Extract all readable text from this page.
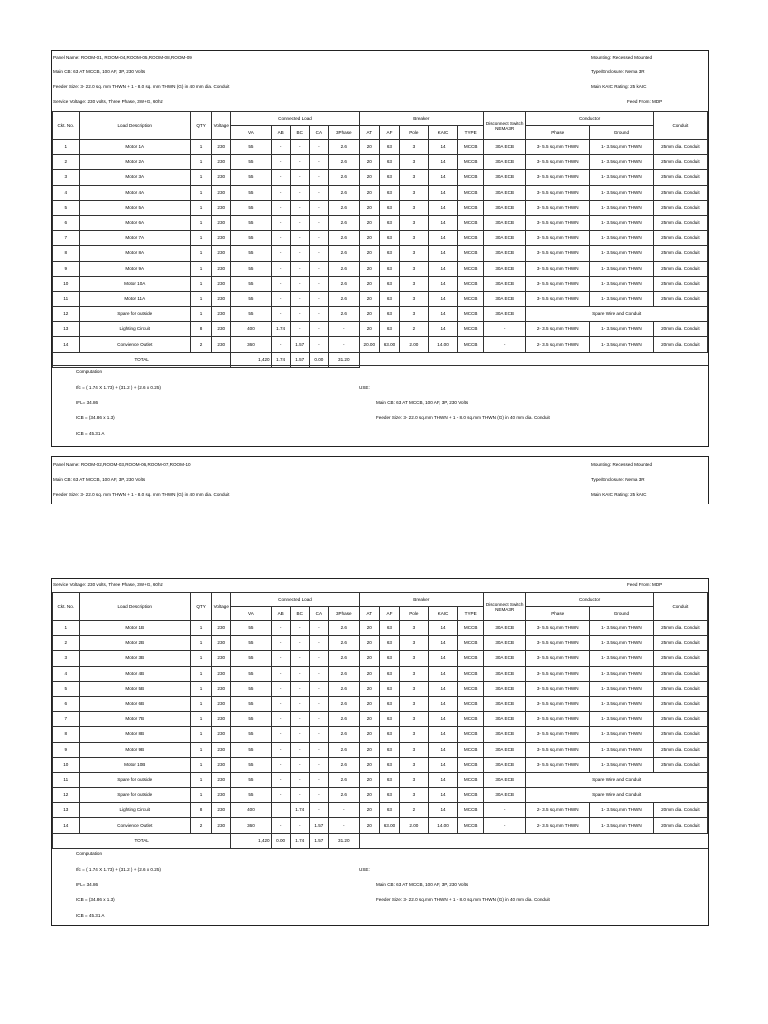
Panel Name: ROOM-01, ROOM-04,ROOM-05,ROOM-08,ROOM-09	Mounting: Recessed Mounted
Main CB: 63 AT MCCB, 100 AF, 3P, 230 Volts	Type/Enclosure: Nema 3R
Feeder Size: 3- 22.0 sq. mm THWN + 1 - 8.0 sq. mm THWN (G) in 40 mm dia. Conduit	Main KAIC Rating: 25 kAIC
Service Voltage: 230 volts, Three Phase, 3W+G, 60hz	Feed From: MDP
Ckt. No.	Load Description	QTY	Voltage	Connected Load					Breaker					Disconnect Switch NEMA3R	Conductor		Conduit
				VA	AB	BC	CA	3Phase	AT	AF	Pole	KAIC	TYPE		Phase	Ground	
1	Motor 1A	1	230	55	-	-	-	2.6	20	63	3	14	MCCB	30A ECB	3- 5.5 sq.mm THWN	1- 3.5sq.mm THWN	25mm dia. Conduit
2	Motor 2A	1	230	55	-	-	-	2.6	20	63	3	14	MCCB	30A ECB	3- 5.5 sq.mm THWN	1- 3.5sq.mm THWN	25mm dia. Conduit
3	Motor 3A	1	230	55	-	-	-	2.6	20	63	3	14	MCCB	30A ECB	3- 5.5 sq.mm THWN	1- 3.5sq.mm THWN	25mm dia. Conduit
4	Motor 4A	1	230	55	-	-	-	2.6	20	63	3	14	MCCB	30A ECB	3- 5.5 sq.mm THWN	1- 3.5sq.mm THWN	25mm dia. Conduit
5	Motor 5A	1	230	55	-	-	-	2.6	20	63	3	14	MCCB	30A ECB	3- 5.5 sq.mm THWN	1- 3.5sq.mm THWN	25mm dia. Conduit
6	Motor 6A	1	230	55	-	-	-	2.6	20	63	3	14	MCCB	30A ECB	3- 5.5 sq.mm THWN	1- 3.5sq.mm THWN	25mm dia. Conduit
7	Motor 7A	1	230	55	-	-	-	2.6	20	63	3	14	MCCB	30A ECB	3- 5.5 sq.mm THWN	1- 3.5sq.mm THWN	25mm dia. Conduit
8	Motor 8A	1	230	55	-	-	-	2.6	20	63	3	14	MCCB	30A ECB	3- 5.5 sq.mm THWN	1- 3.5sq.mm THWN	25mm dia. Conduit
9	Motor 9A	1	230	55	-	-	-	2.6	20	63	3	14	MCCB	30A ECB	3- 5.5 sq.mm THWN	1- 3.5sq.mm THWN	25mm dia. Conduit
10	Motor 10A	1	230	55	-	-	-	2.6	20	63	3	14	MCCB	30A ECB	3- 5.5 sq.mm THWN	1- 3.5sq.mm THWN	25mm dia. Conduit
11	Motor 11A	1	230	55	-	-	-	2.6	20	63	3	14	MCCB	30A ECB	3- 5.5 sq.mm THWN	1- 3.5sq.mm THWN	25mm dia. Conduit
12	Spare for outside	1	230	55	-	-	-	2.6	20	63	3	14	MCCB	30A ECB	Spare Wire and Conduit		
13	Lighting Circuit	8	230	400	1.74	-	-	-	20	63	2	14	MCCB	-	2- 3.5 sq.mm THWN	1- 3.5sq.mm THWN	20mm dia. Conduit
14	Convience Outlet	2	230	360	-	1.57	-	-	20.00	63.00	2.00	14.00	MCCB	-	2- 3.5 sq.mm THWN	1- 3.5sq.mm THWN	20mm dia. Conduit
TOTAL				1,420	1.74	1.57	0.00	31.20									
Computation
Ifc = ( 1.74 X 1.73) + (31.2 ) + (2.6 x 0.25)
IFL= 34.86
ICB = (34.86 x 1.3)
ICB = 45.31 A
USE:
Main CB: 63 AT MCCB, 100 AF, 3P, 230 Volts
Feeder Size: 3- 22.0 sq.mm THWN + 1 - 8.0 sq.mm THWN (G) in 40 mm dia. Conduit
Panel Name: ROOM-02,ROOM-03,ROOM-06,ROOM-07,ROOM-10	Mounting: Recessed Mounted
Main CB: 63 AT MCCB, 100 AF, 3P, 230 Volts	Type/Enclosure: Nema 3R
Feeder Size: 3- 22.0 sq. mm THWN + 1 - 8.0 sq. mm THWN (G) in 40 mm dia. Conduit	Main KAIC Rating: 25 kAIC
Service Voltage: 230 volts, Three Phase, 3W+G, 60hz	Feed From: MDP
Ckt. No.	Load Description	QTY	Voltage	Connected Load					Breaker					Disconnect Switch NEMA3R	Conductor		Conduit
				VA	AB	BC	CA	3Phase	AT	AF	Pole	KAIC	TYPE		Phase	Ground	
1	Motor 1B	1	230	55	-	-	-	2.6	20	63	3	14	MCCB	30A ECB	3- 5.5 sq.mm THWN	1- 3.5sq.mm THWN	25mm dia. Conduit
2	Motor 2B	1	230	55	-	-	-	2.6	20	63	3	14	MCCB	30A ECB	3- 5.5 sq.mm THWN	1- 3.5sq.mm THWN	25mm dia. Conduit
3	Motor 3B	1	230	55	-	-	-	2.6	20	63	3	14	MCCB	30A ECB	3- 5.5 sq.mm THWN	1- 3.5sq.mm THWN	25mm dia. Conduit
4	Motor 4B	1	230	55	-	-	-	2.6	20	63	3	14	MCCB	30A ECB	3- 5.5 sq.mm THWN	1- 3.5sq.mm THWN	25mm dia. Conduit
5	Motor 5B	1	230	55	-	-	-	2.6	20	63	3	14	MCCB	30A ECB	3- 5.5 sq.mm THWN	1- 3.5sq.mm THWN	25mm dia. Conduit
6	Motor 6B	1	230	55	-	-	-	2.6	20	63	3	14	MCCB	30A ECB	3- 5.5 sq.mm THWN	1- 3.5sq.mm THWN	25mm dia. Conduit
7	Motor 7B	1	230	55	-	-	-	2.6	20	63	3	14	MCCB	30A ECB	3- 5.5 sq.mm THWN	1- 3.5sq.mm THWN	25mm dia. Conduit
8	Motor 8B	1	230	55	-	-	-	2.6	20	63	3	14	MCCB	30A ECB	3- 5.5 sq.mm THWN	1- 3.5sq.mm THWN	25mm dia. Conduit
9	Motor 9B	1	230	55	-	-	-	2.6	20	63	3	14	MCCB	30A ECB	3- 5.5 sq.mm THWN	1- 3.5sq.mm THWN	25mm dia. Conduit
10	Motor 10B	1	230	55	-	-	-	2.6	20	63	3	14	MCCB	30A ECB	3- 5.5 sq.mm THWN	1- 3.5sq.mm THWN	25mm dia. Conduit
11	Spare for outside	1	230	55	-	-	-	2.6	20	63	3	14	MCCB	30A ECB	Spare Wire and Conduit		
12	Spare for outside	1	230	55	-	-	-	2.6	20	63	3	14	MCCB	30A ECB	Spare Wire and Conduit		
13	Lighting Circuit	8	230	400		1.74	-	-	20	63	2	14	MCCB	-	2- 3.5 sq.mm THWN	1- 3.5sq.mm THWN	20mm dia. Conduit
14	Convience Outlet	2	230	360	-	-	1.57	-	20	63.00	2.00	14.00	MCCB	-	2- 3.5 sq.mm THWN	1- 3.5sq.mm THWN	20mm dia. Conduit
TOTAL				1,420	0.00	1.74	1.57	31.20									
Computation
Ifc = ( 1.74 X 1.73) + (31.2 ) + (2.6 x 0.25)
IFL= 34.86
ICB = (34.86 x 1.3)
ICB = 45.31 A
USE:
Main CB: 63 AT MCCB, 100 AF, 3P, 230 Volts
Feeder Size: 3- 22.0 sq.mm THWN + 1 - 8.0 sq.mm THWN (G) in 40 mm dia. Conduit
